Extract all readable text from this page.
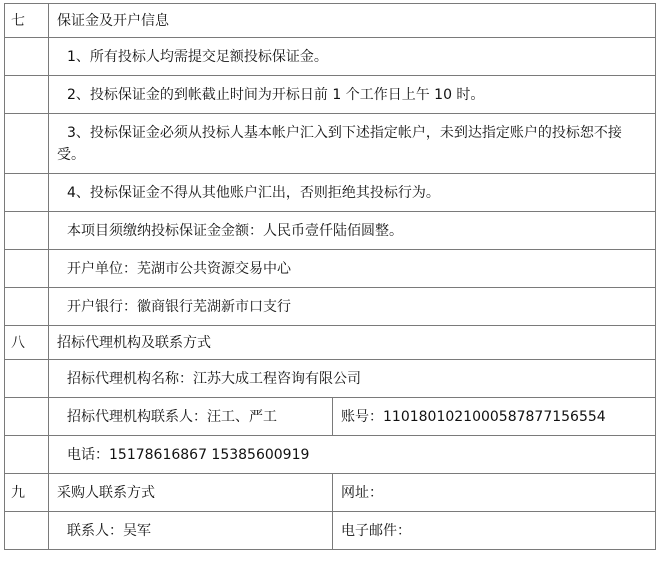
七	保证金及开户信息	
	1、所有投标人均需提交足额投标保证金。	
	2、投标保证金的到帐截止时间为开标日前 1 个工作日上午 10 时。	
	3、投标保证金必须从投标人基本帐户汇入到下述指定帐户，未到达指定账户的投标恕不接受。	
	4、投标保证金不得从其他账户汇出，否则拒绝其投标行为。	
	本项目须缴纳投标保证金金额：人民币壹仟陆佰圆整。	
	开户单位：芜湖市公共资源交易中心	
	开户银行：徽商银行芜湖新市口支行	
八	招标代理机构及联系方式	
	招标代理机构名称：江苏大成工程咨询有限公司	
	招标代理机构联系人：汪工、严工	账号：1101801021000587877156554
	电话：15178616867 15385600919	
九	采购人联系方式	网址：
	联系人：吴军	电子邮件：
